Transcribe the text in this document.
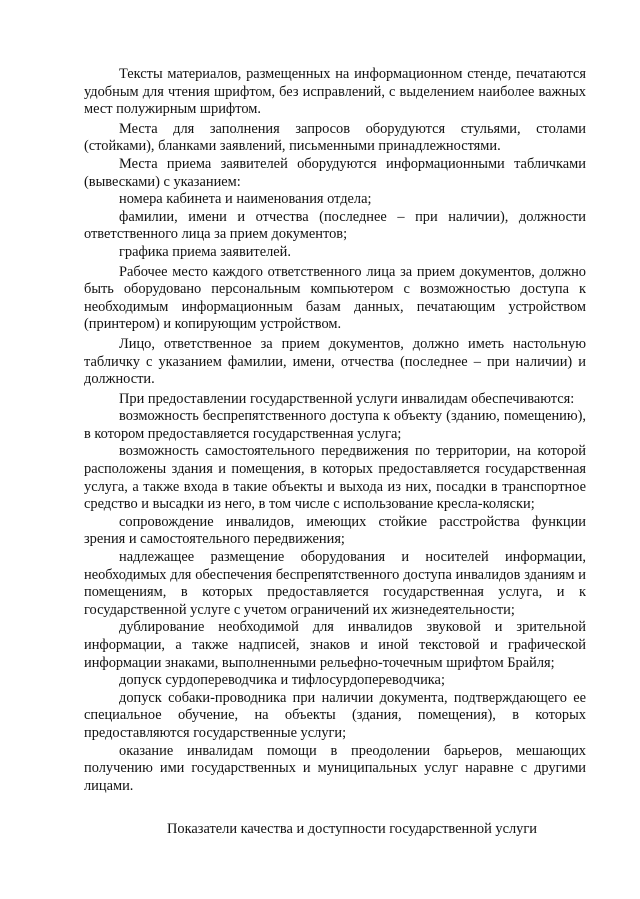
Тексты материалов, размещенных на информационном стенде, печатаются удобным для чтения шрифтом, без исправлений, с выделением наиболее важных мест полужирным шрифтом.

Места для заполнения запросов оборудуются стульями, столами (стойками), бланками заявлений, письменными принадлежностями.

Места приема заявителей оборудуются информационными табличками (вывесками) с указанием:

номера кабинета и наименования отдела;

фамилии, имени и отчества (последнее – при наличии), должности ответственного лица за прием документов;

графика приема заявителей.

Рабочее место каждого ответственного лица за прием документов, должно быть оборудовано персональным компьютером с возможностью доступа к необходимым информационным базам данных, печатающим устройством (принтером) и копирующим устройством.

Лицо, ответственное за прием документов, должно иметь настольную табличку с указанием фамилии, имени, отчества (последнее – при наличии) и должности.

При предоставлении государственной услуги инвалидам обеспечиваются:

возможность беспрепятственного доступа к объекту (зданию, помещению), в котором предоставляется государственная услуга;

возможность самостоятельного передвижения по территории, на которой расположены здания и помещения, в которых предоставляется государственная услуга, а также входа в такие объекты и выхода из них, посадки в транспортное средство и высадки из него, в том числе с использование кресла-коляски;

сопровождение инвалидов, имеющих стойкие расстройства функции зрения и самостоятельного передвижения;

надлежащее размещение оборудования и носителей информации, необходимых для обеспечения беспрепятственного доступа инвалидов зданиям и помещениям, в которых предоставляется государственная услуга, и к государственной услуге с учетом ограничений их жизнедеятельности;

дублирование необходимой для инвалидов звуковой и зрительной информации, а также надписей, знаков и иной текстовой и графической информации знаками, выполненными рельефно-точечным шрифтом Брайля;

допуск сурдопереводчика и тифлосурдопереводчика;

допуск собаки-проводника при наличии документа, подтверждающего ее специальное обучение, на объекты (здания, помещения), в которых предоставляются государственные услуги;

оказание инвалидам помощи в преодолении барьеров, мешающих получению ими государственных и муниципальных услуг наравне с другими лицами.

Показатели качества и доступности государственной услуги
